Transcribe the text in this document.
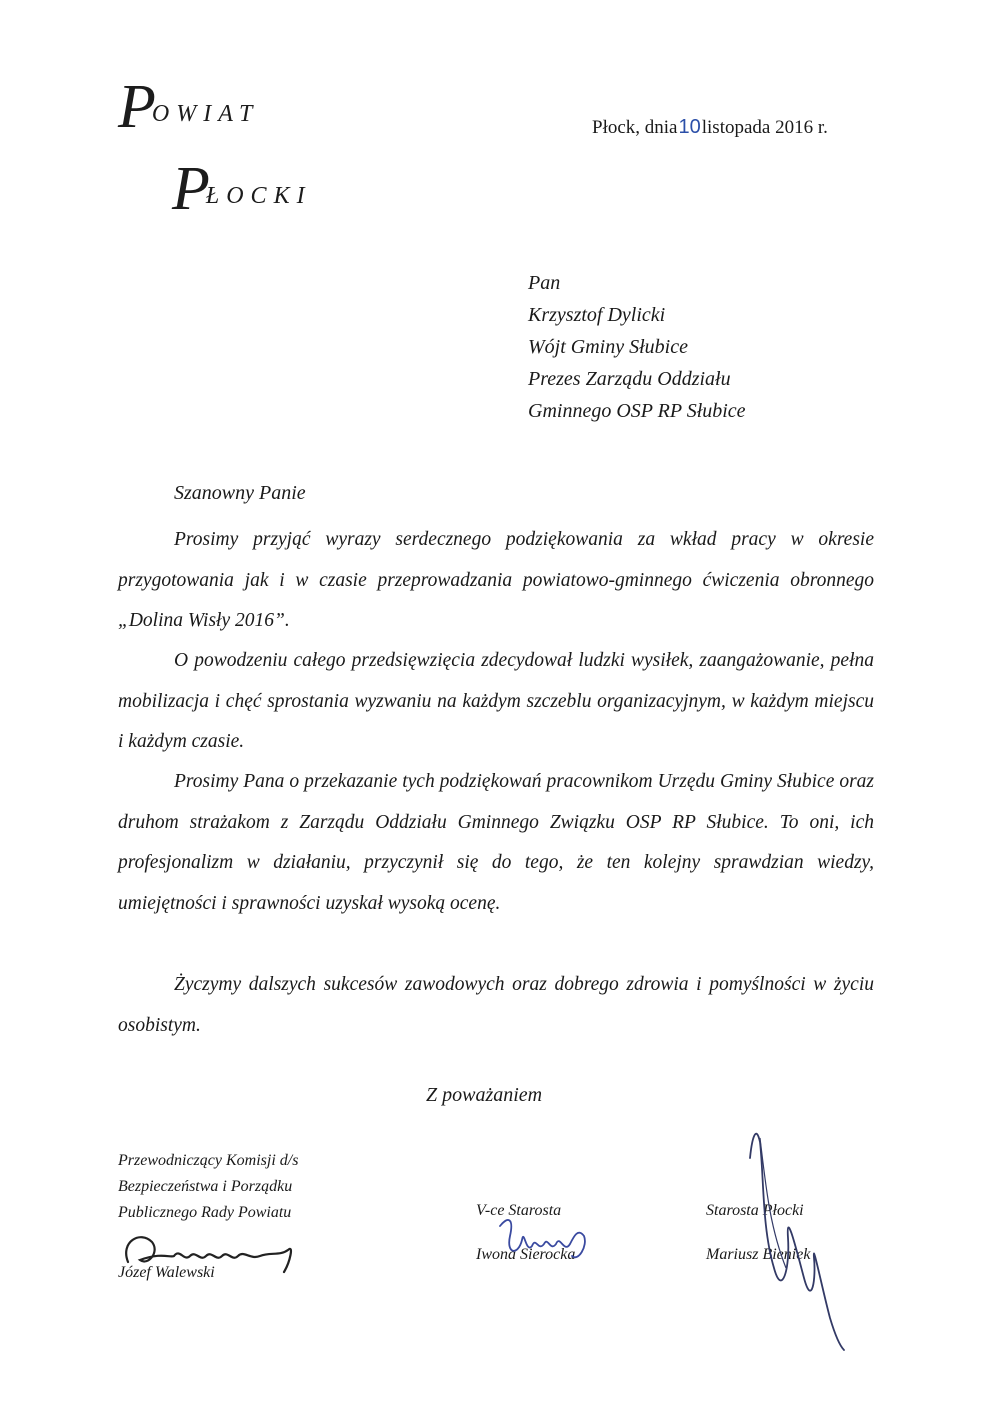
POWIAT
PŁOCKI
Płock, dnia10listopada 2016 r.
Pan
Krzysztof Dylicki
Wójt Gminy Słubice
Prezes Zarządu Oddziału
Gminnego OSP RP Słubice
Szanowny Panie

Prosimy przyjąć wyrazy serdecznego podziękowania za wkład pracy w okresie przygotowania jak i w czasie przeprowadzania powiatowo-gminnego ćwiczenia obronnego „Dolina Wisły 2016”.

O powodzeniu całego przedsięwzięcia zdecydował ludzki wysiłek, zaangażowanie, pełna mobilizacja i chęć sprostania wyzwaniu na każdym szczeblu organizacyjnym, w każdym miejscu i każdym czasie.

Prosimy Pana o przekazanie tych podziękowań pracownikom Urzędu Gminy Słubice oraz druhom strażakom z Zarządu Oddziału Gminnego Związku OSP RP Słubice. To oni, ich profesjonalizm w działaniu, przyczynił się do tego, że ten kolejny sprawdzian wiedzy, umiejętności i sprawności uzyskał wysoką ocenę.

Życzymy dalszych sukcesów zawodowych oraz dobrego zdrowia i pomyślności w życiu osobistym.

Z poważaniem
Przewodniczący Komisji d/s
Bezpieczeństwa i Porządku
Publicznego Rady Powiatu
Józef Walewski
V-ce Starosta
Iwona Sierocka
Starosta Płocki
Mariusz Bieniek
